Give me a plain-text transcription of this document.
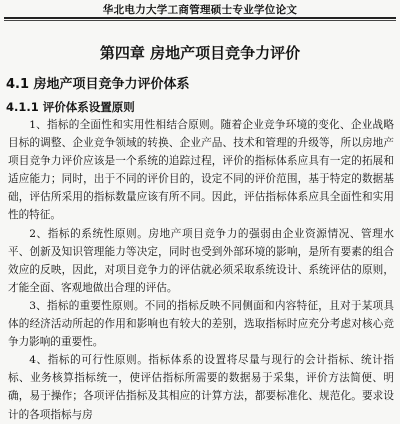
华北电力大学工商管理硕士专业学位论文
第四章 房地产项目竞争力评价
4.1 房地产项目竞争力评价体系
4.1.1 评价体系设置原则

1、指标的全面性和实用性相结合原则。随着企业竞争环境的变化、企业战略目标的调整、企业竞争领域的转换、企业产品、技术和管理的升级等，所以房地产项目竞争力评价应该是一个系统的追踪过程，评价的指标体系应具有一定的拓展和适应能力；同时，出于不同的评价目的，设定不同的评价范围，基于特定的数据基础，评估所采用的指标数量应该有所不同。因此，评估指标体系应具全面性和实用性的特征。

2、指标的系统性原则。房地产项目竞争力的强弱由企业资源情况、管理水平、创新及知识管理能力等决定，同时也受到外部环境的影响，是所有要素的组合效应的反映，因此，对项目竞争力的评估就必须采取系统设计、系统评估的原则，才能全面、客观地做出合理的评估。

3、指标的重要性原则。不同的指标反映不同侧面和内容特征，且对于某项具体的经济活动所起的作用和影响也有较大的差别，选取指标时应充分考虑对核心竞争力影响的重要性。

4、指标的可行性原则。指标体系的设置将尽量与现行的会计指标、统计指标、业务核算指标统一，使评估指标所需要的数据易于采集，评价方法简便、明确，易于操作；各项评估指标及其相应的计算方法，都要标准化、规范化。要求设计的各项指标与房
